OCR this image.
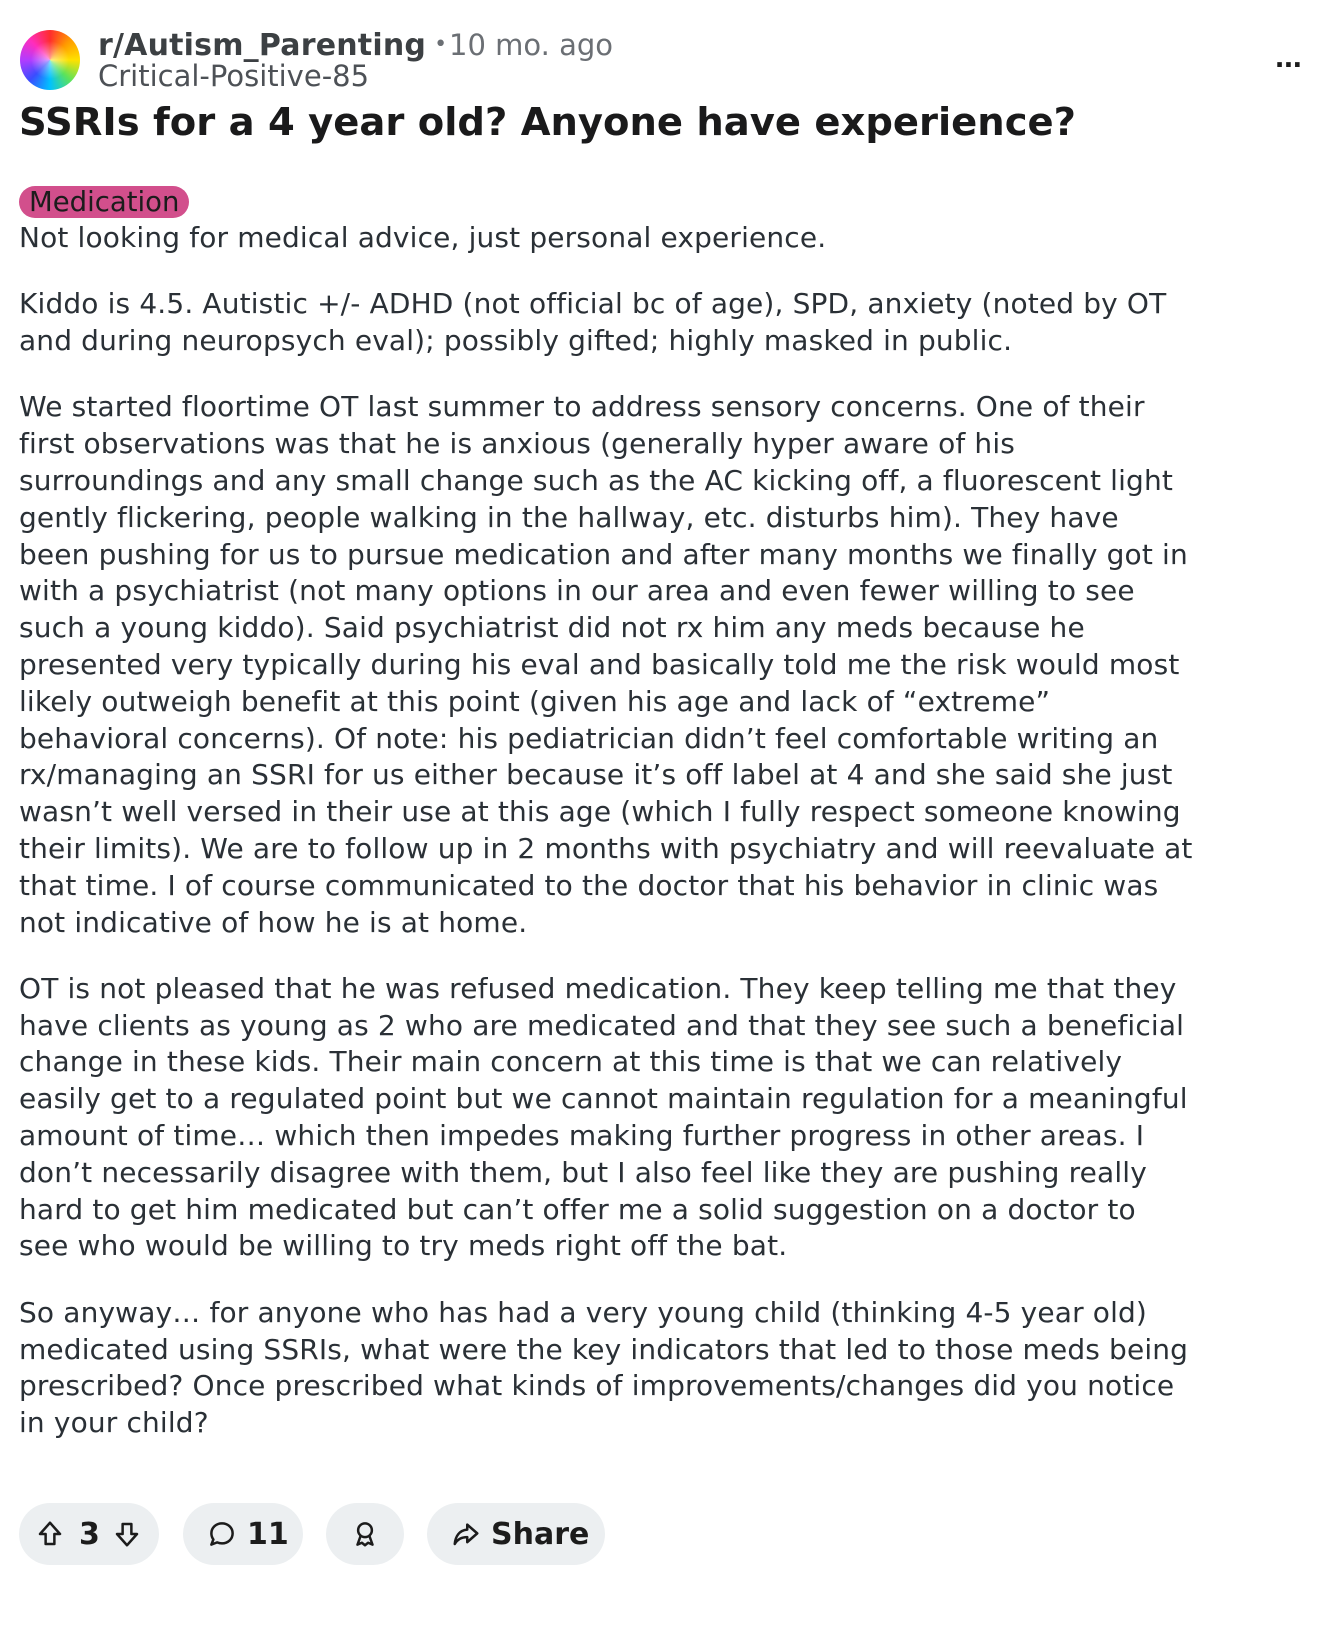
r/Autism_Parenting •10 mo. ago
Critical-Positive-85	...
SSRIs for a 4 year old? Anyone have experience?
Medication

Not looking for medical advice, just personal experience.

Kiddo is 4.5. Autistic +/- ADHD (not official bc of age), SPD, anxiety (noted by OT
and during neuropsych eval); possibly gifted; highly masked in public.

We started floortime OT last summer to address sensory concerns. One of their
first observations was that he is anxious (generally hyper aware of his
surroundings and any small change such as the AC kicking off, a fluorescent light
gently flickering, people walking in the hallway, etc. disturbs him). They have
been pushing for us to pursue medication and after many months we finally got in
with a psychiatrist (not many options in our area and even fewer willing to see
such a young kiddo). Said psychiatrist did not rx him any meds because he
presented very typically during his eval and basically told me the risk would most
likely outweigh benefit at this point (given his age and lack of “extreme”
behavioral concerns). Of note: his pediatrician didn’t feel comfortable writing an
rx/managing an SSRI for us either because it’s off label at 4 and she said she just
wasn’t well versed in their use at this age (which I fully respect someone knowing
their limits). We are to follow up in 2 months with psychiatry and will reevaluate at
that time. I of course communicated to the doctor that his behavior in clinic was
not indicative of how he is at home.

OT is not pleased that he was refused medication. They keep telling me that they
have clients as young as 2 who are medicated and that they see such a beneficial
change in these kids. Their main concern at this time is that we can relatively
easily get to a regulated point but we cannot maintain regulation for a meaningful
amount of time… which then impedes making further progress in other areas. I
don’t necessarily disagree with them, but I also feel like they are pushing really
hard to get him medicated but can’t offer me a solid suggestion on a doctor to
see who would be willing to try meds right off the bat.

So anyway… for anyone who has had a very young child (thinking 4-5 year old)
medicated using SSRIs, what were the key indicators that led to those meds being
prescribed? Once prescribed what kinds of improvements/changes did you notice
in your child?

3	11	Share
